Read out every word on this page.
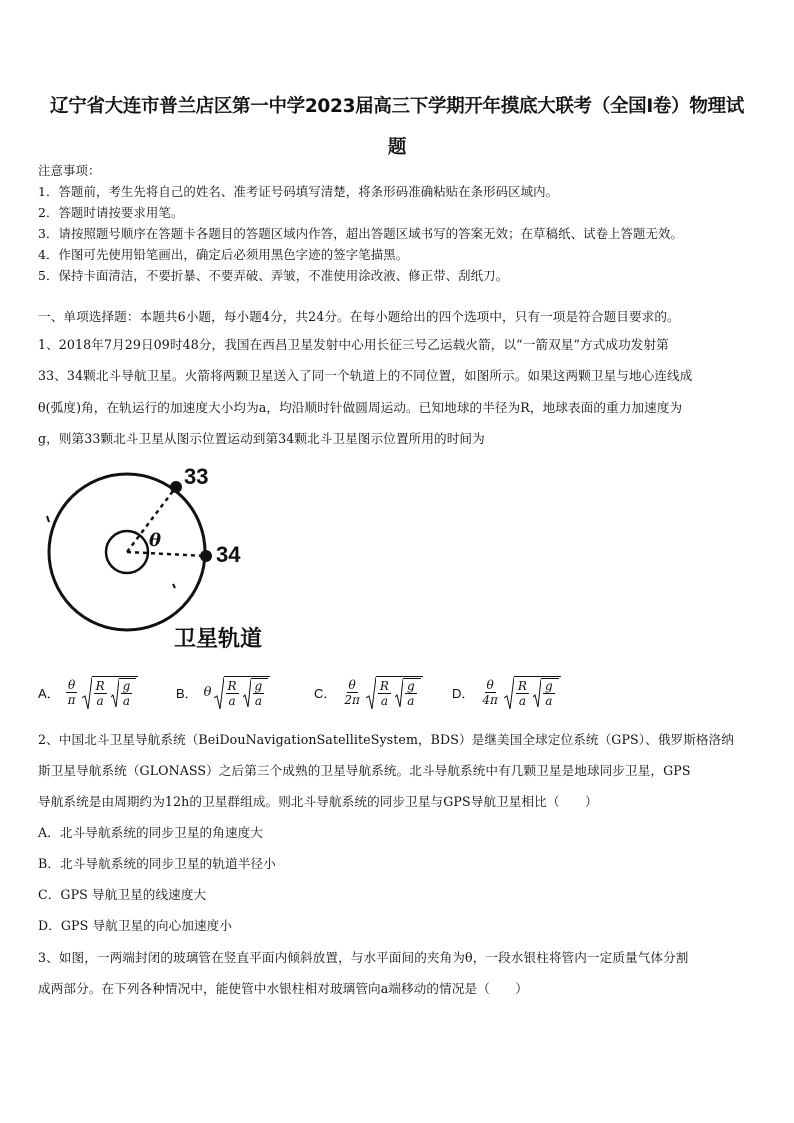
辽宁省大连市普兰店区第一中学2023届高三下学期开年摸底大联考（全国I卷）物理试
题
注意事项：
1．答题前，考生先将自己的姓名、准考证号码填写清楚，将条形码准确粘贴在条形码区域内。
2．答题时请按要求用笔。
3．请按照题号顺序在答题卡各题目的答题区域内作答，超出答题区域书写的答案无效；在草稿纸、试卷上答题无效。
4．作图可先使用铅笔画出，确定后必须用黑色字迹的签字笔描黑。
5．保持卡面清洁，不要折暴、不要弄破、弄皱，不准使用涂改液、修正带、刮纸刀。
一、单项选择题：本题共6小题，每小题4分，共24分。在每小题给出的四个选项中，只有一项是符合题目要求的。
1、2018年7月29日09时48分，我国在西昌卫星发射中心用长征三号乙运载火箭，以“一箭双星”方式成功发射第
33、34颗北斗导航卫星。火箭将两颗卫星送入了同一个轨道上的不同位置，如图所示。如果这两颗卫星与地心连线成
θ(弧度)角，在轨运行的加速度大小均为a，均沿顺时针做圆周运动。已知地球的半径为R，地球表面的重力加速度为
g，则第33颗北斗卫星从图示位置运动到第34颗北斗卫星图示位置所用的时间为
33
34
θ
卫星轨道
A． $\frac{\theta}{\pi} \frac{R}{a} \frac{g}{a}$	B． θ $\frac{R}{a} \frac{g}{a}$	C． $\frac{\theta}{2\pi} \frac{R}{a} \frac{g}{a}$	D． $\frac{\theta}{4\pi} \frac{R}{a} \frac{g}{a}$
2、中国北斗卫星导航系统（BeiDouNavigationSatelliteSystem，BDS）是继美国全球定位系统（GPS）、俄罗斯格洛纳
斯卫星导航系统（GLONASS）之后第三个成熟的卫星导航系统。北斗导航系统中有几颗卫星是地球同步卫星，GPS
导航系统是由周期约为12h的卫星群组成。则北斗导航系统的同步卫星与GPS导航卫星相比（　　）
A．北斗导航系统的同步卫星的角速度大
B．北斗导航系统的同步卫星的轨道半径小
C．GPS 导航卫星的线速度大
D．GPS 导航卫星的向心加速度小
3、如图，一两端封闭的玻璃管在竖直平面内倾斜放置，与水平面间的夹角为θ，一段水银柱将管内一定质量气体分割
成两部分。在下列各种情况中，能使管中水银柱相对玻璃管向a端移动的情况是（　　）
